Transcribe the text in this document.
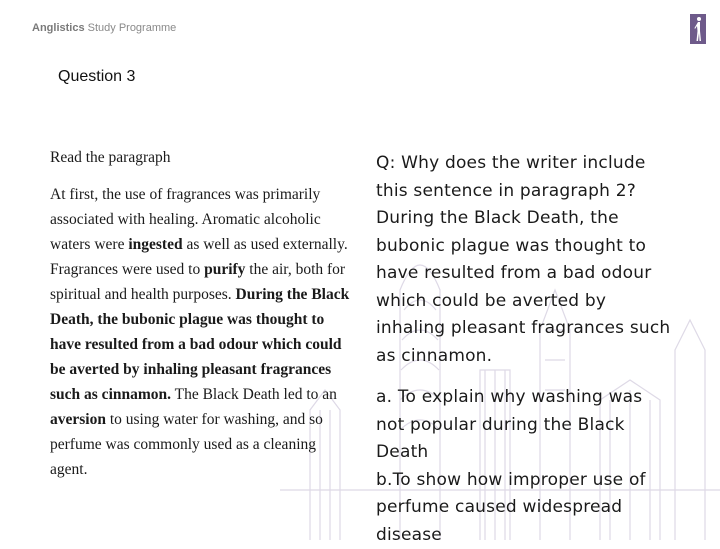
Anglistics Study Programme
Question 3

Read the paragraph

At first, the use of fragrances was primarily associated with healing. Aromatic alcoholic waters were ingested as well as used externally. Fragrances were used to purify the air, both for spiritual and health purposes. During the Black Death, the bubonic plague was thought to have resulted from a bad odour which could be averted by inhaling pleasant fragrances such as cinnamon. The Black Death led to an aversion to using water for washing, and so perfume was commonly used as a cleaning agent.

Q: Why does the writer include this sentence in paragraph 2? During the Black Death, the bubonic plague was thought to have resulted from a bad odour which could be averted by inhaling pleasant fragrances such as cinnamon.

a. To explain why washing was not popular during the Black Death

b.To show how improper use of perfume caused widespread disease
